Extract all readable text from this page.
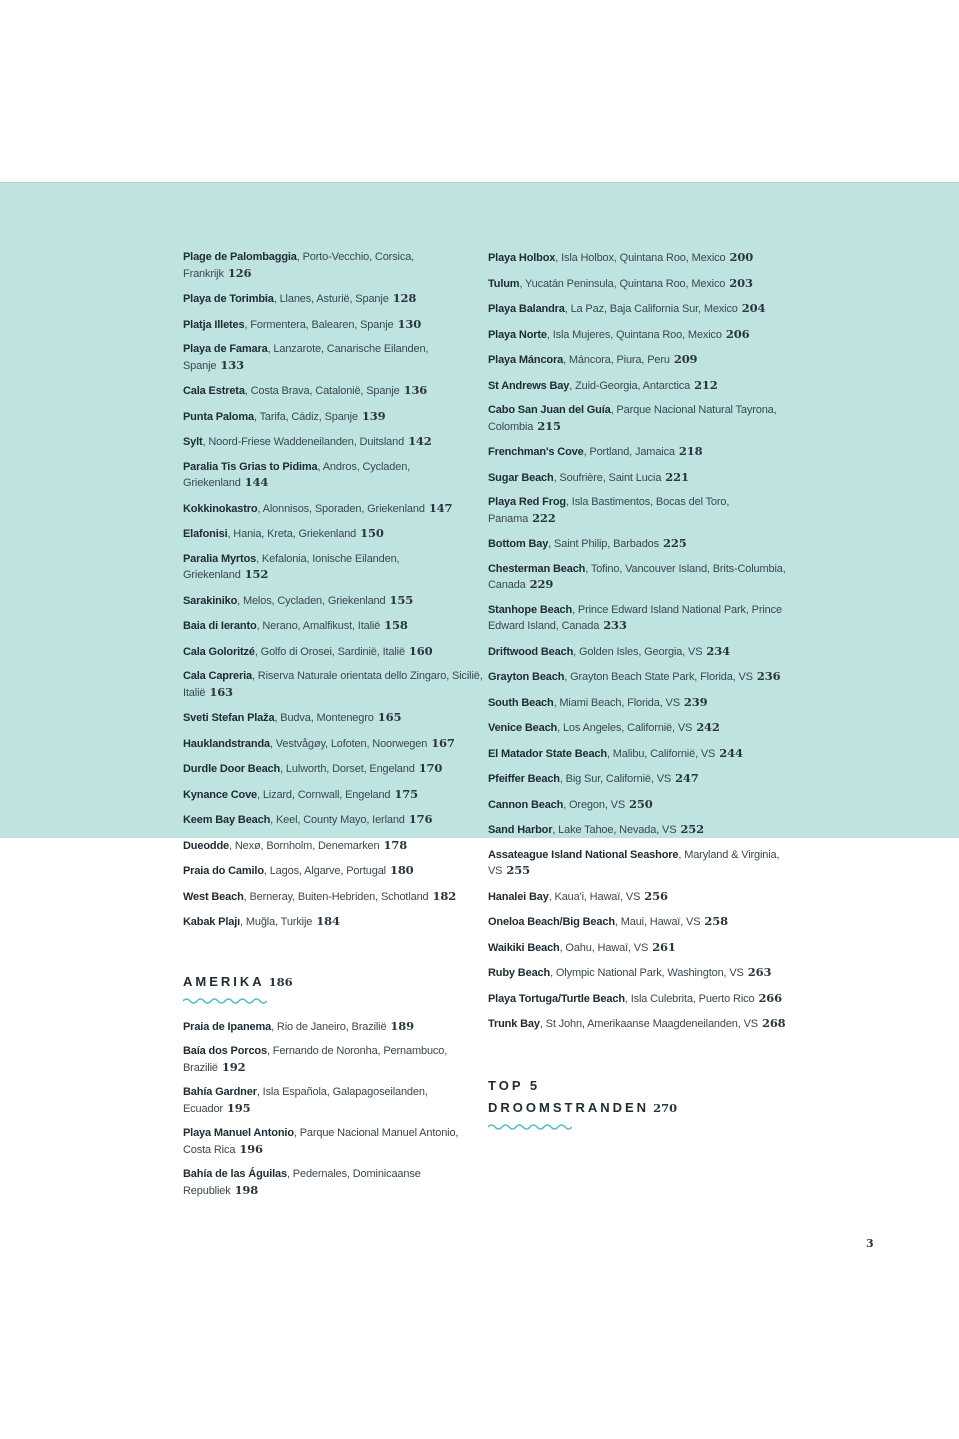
Plage de Palombaggia, Porto-Vecchio, Corsica, Frankrijk 126
Playa de Torimbia, Llanes, Asturië, Spanje 128
Platja Illetes, Formentera, Balearen, Spanje 130
Playa de Famara, Lanzarote, Canarische Eilanden, Spanje 133
Cala Estreta, Costa Brava, Catalonië, Spanje 136
Punta Paloma, Tarifa, Cádiz, Spanje 139
Sylt, Noord-Friese Waddeneilanden, Duitsland 142
Paralia Tis Grias to Pidima, Andros, Cycladen, Griekenland 144
Kokkinokastro, Alonnisos, Sporaden, Griekenland 147
Elafonisi, Hania, Kreta, Griekenland 150
Paralia Myrtos, Kefalonia, Ionische Eilanden, Griekenland 152
Sarakiniko, Melos, Cycladen, Griekenland 155
Baia di Ieranto, Nerano, Amalfikust, Italië 158
Cala Goloritzé, Golfo di Orosei, Sardinië, Italië 160
Cala Capreria, Riserva Naturale orientata dello Zingaro, Sicilië, Italië 163
Sveti Stefan Plaža, Budva, Montenegro 165
Hauklandstranda, Vestvågøy, Lofoten, Noorwegen 167
Durdle Door Beach, Lulworth, Dorset, Engeland 170
Kynance Cove, Lizard, Cornwall, Engeland 175
Keem Bay Beach, Keel, County Mayo, Ierland 176
Dueodde, Nexø, Bornholm, Denemarken 178
Praia do Camilo, Lagos, Algarve, Portugal 180
West Beach, Berneray, Buiten-Hebriden, Schotland 182
Kabak Plajı, Muğla, Turkije 184
AMERIKA 186
Praia de Ipanema, Rio de Janeiro, Brazilië 189
Baía dos Porcos, Fernando de Noronha, Pernambuco, Brazilië 192
Bahía Gardner, Isla Española, Galapagoseilanden, Ecuador 195
Playa Manuel Antonio, Parque Nacional Manuel Antonio, Costa Rica 196
Bahía de las Águilas, Pedernales, Dominicaanse Republiek 198
Playa Holbox, Isla Holbox, Quintana Roo, Mexico 200
Tulum, Yucatán Peninsula, Quintana Roo, Mexico 203
Playa Balandra, La Paz, Baja California Sur, Mexico 204
Playa Norte, Isla Mujeres, Quintana Roo, Mexico 206
Playa Máncora, Máncora, Piura, Peru 209
St Andrews Bay, Zuid-Georgia, Antarctica 212
Cabo San Juan del Guía, Parque Nacional Natural Tayrona, Colombia 215
Frenchman's Cove, Portland, Jamaica 218
Sugar Beach, Soufrière, Saint Lucia 221
Playa Red Frog, Isla Bastimentos, Bocas del Toro, Panama 222
Bottom Bay, Saint Philip, Barbados 225
Chesterman Beach, Tofino, Vancouver Island, Brits-Columbia, Canada 229
Stanhope Beach, Prince Edward Island National Park, Prince Edward Island, Canada 233
Driftwood Beach, Golden Isles, Georgia, VS 234
Grayton Beach, Grayton Beach State Park, Florida, VS 236
South Beach, Miami Beach, Florida, VS 239
Venice Beach, Los Angeles, Californië, VS 242
El Matador State Beach, Malibu, Californië, VS 244
Pfeiffer Beach, Big Sur, Californië, VS 247
Cannon Beach, Oregon, VS 250
Sand Harbor, Lake Tahoe, Nevada, VS 252
Assateague Island National Seashore, Maryland & Virginia, VS 255
Hanalei Bay, Kaua'i, Hawaï, VS 256
Oneloa Beach/Big Beach, Maui, Hawaï, VS 258
Waikiki Beach, Oahu, Hawaï, VS 261
Ruby Beach, Olympic National Park, Washington, VS 263
Playa Tortuga/Turtle Beach, Isla Culebrita, Puerto Rico 266
Trunk Bay, St John, Amerikaanse Maagdeneilanden, VS 268
TOP 5
DROOMSTRANDEN 270
3
